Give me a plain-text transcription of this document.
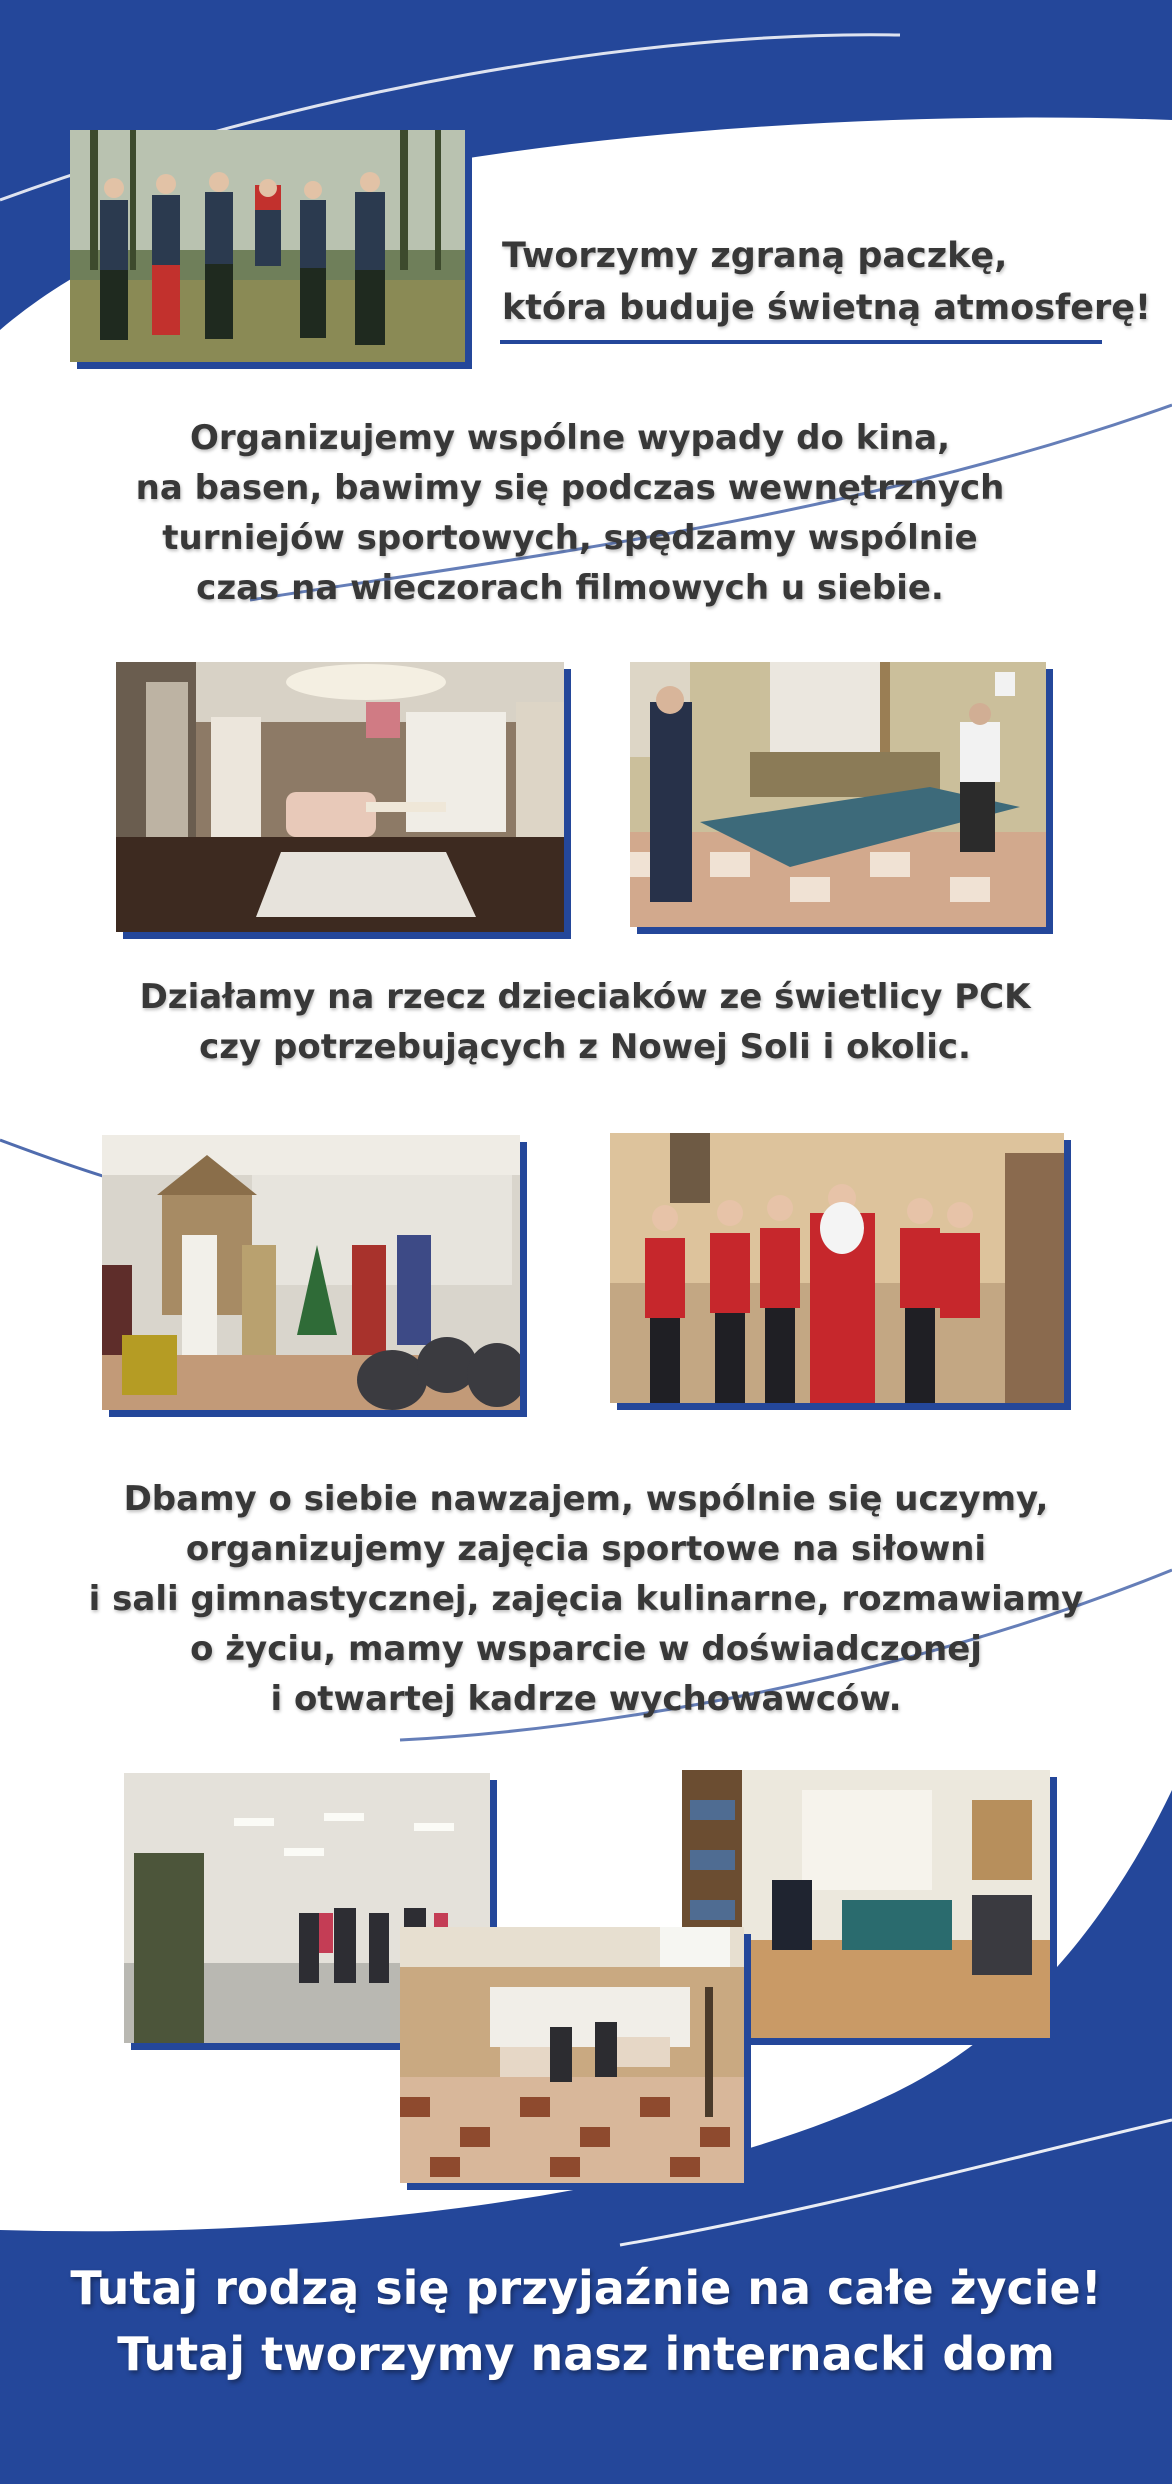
Tworzymy zgraną paczkę,
która buduje świetną atmosferę!
Organizujemy wspólne wypady do kina,
na basen, bawimy się podczas wewnętrznych
turniejów sportowych, spędzamy wspólnie
czas na wieczorach filmowych u siebie.
Działamy na rzecz dzieciaków ze świetlicy PCK
czy potrzebujących z Nowej Soli i okolic.
Dbamy o siebie nawzajem, wspólnie się uczymy,
organizujemy zajęcia sportowe na siłowni
i sali gimnastycznej, zajęcia kulinarne, rozmawiamy
o życiu, mamy wsparcie w doświadczonej
i otwartej kadrze wychowawców.
Tutaj rodzą się przyjaźnie na całe życie!
Tutaj tworzymy nasz internacki dom
